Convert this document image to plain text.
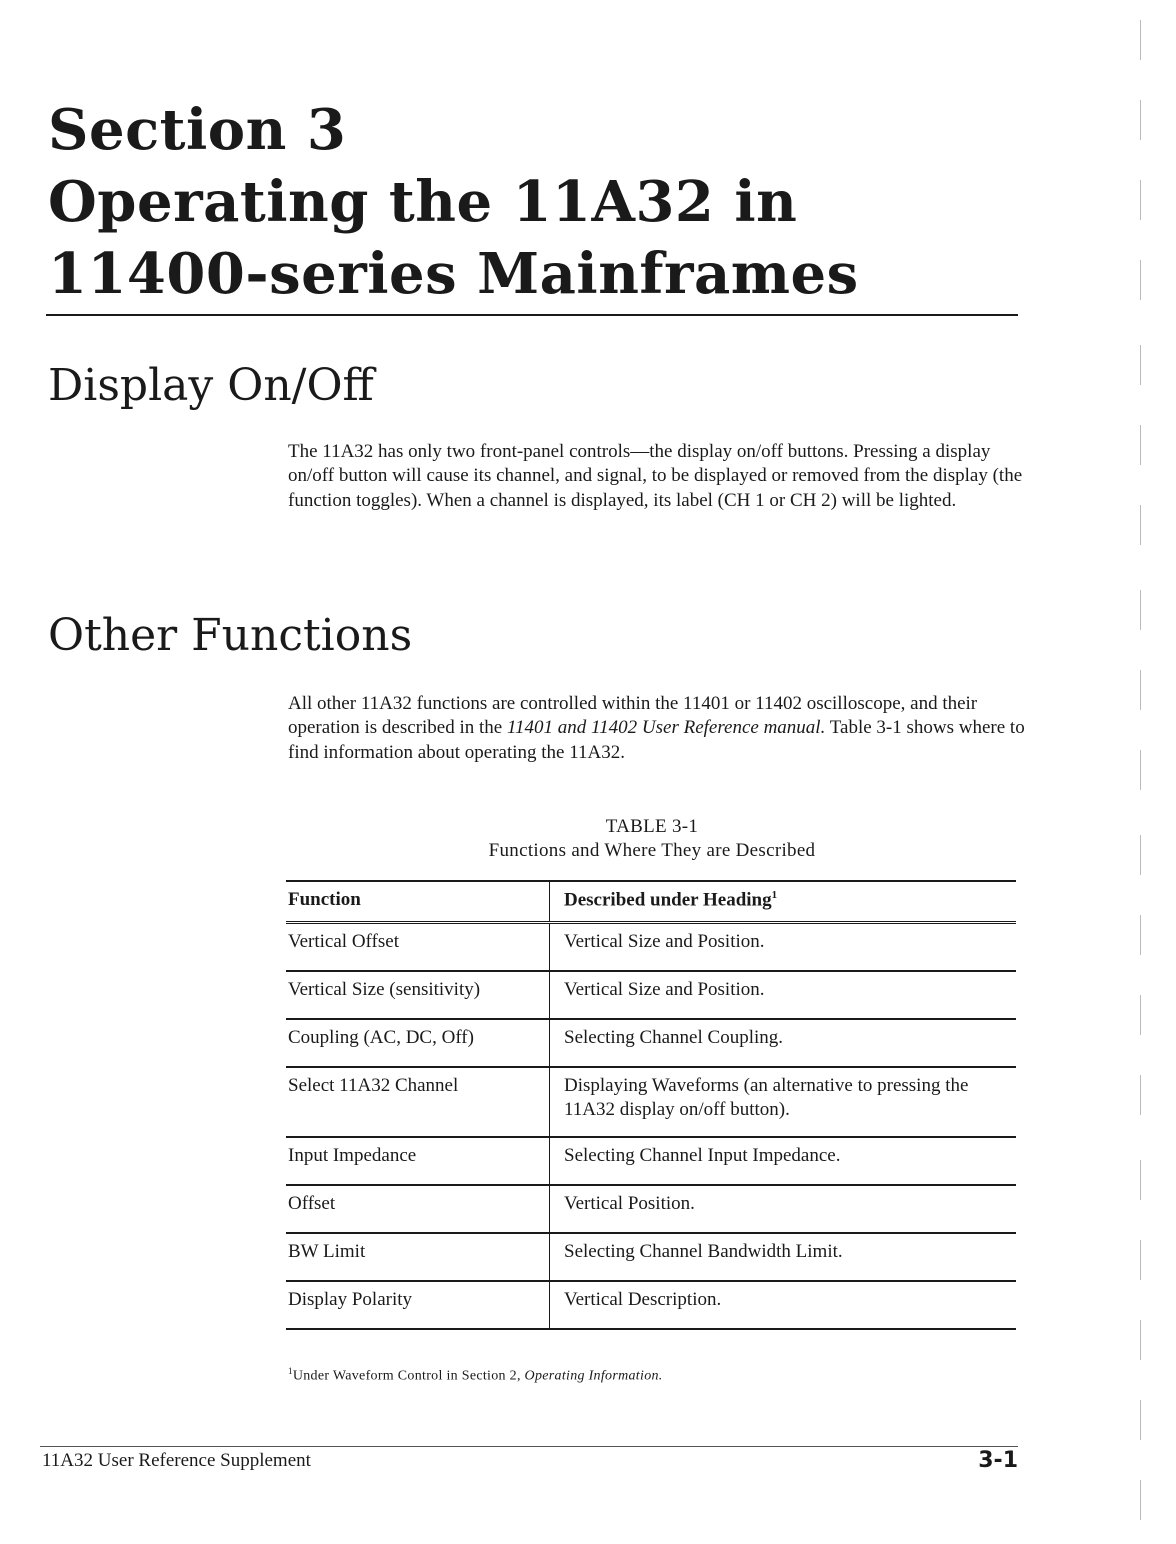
Section 3
Operating the 11A32 in
11400-series Mainframes
Display On/Off

The 11A32 has only two front-panel controls—the display on/off buttons. Pressing a display on/off button will cause its channel, and signal, to be displayed or removed from the display (the function toggles). When a channel is displayed, its label (CH 1 or CH 2) will be lighted.

Other Functions

All other 11A32 functions are controlled within the 11401 or 11402 oscilloscope, and their operation is described in the 11401 and 11402 User Reference manual. Table 3-1 shows where to find information about operating the 11A32.

TABLE 3-1
Functions and Where They are Described
Function	Described under Heading$^1$
Vertical Offset	Vertical Size and Position.
Vertical Size (sensitivity)	Vertical Size and Position.
Coupling (AC, DC, Off)	Selecting Channel Coupling.
Select 11A32 Channel	Displaying Waveforms (an alternative to pressing the 11A32 display on/off button).
Input Impedance	Selecting Channel Input Impedance.
Offset	Vertical Position.
BW Limit	Selecting Channel Bandwidth Limit.
Display Polarity	Vertical Description.
$^1$Under Waveform Control in Section 2, Operating Information.
11A32 User Reference Supplement	3-1
